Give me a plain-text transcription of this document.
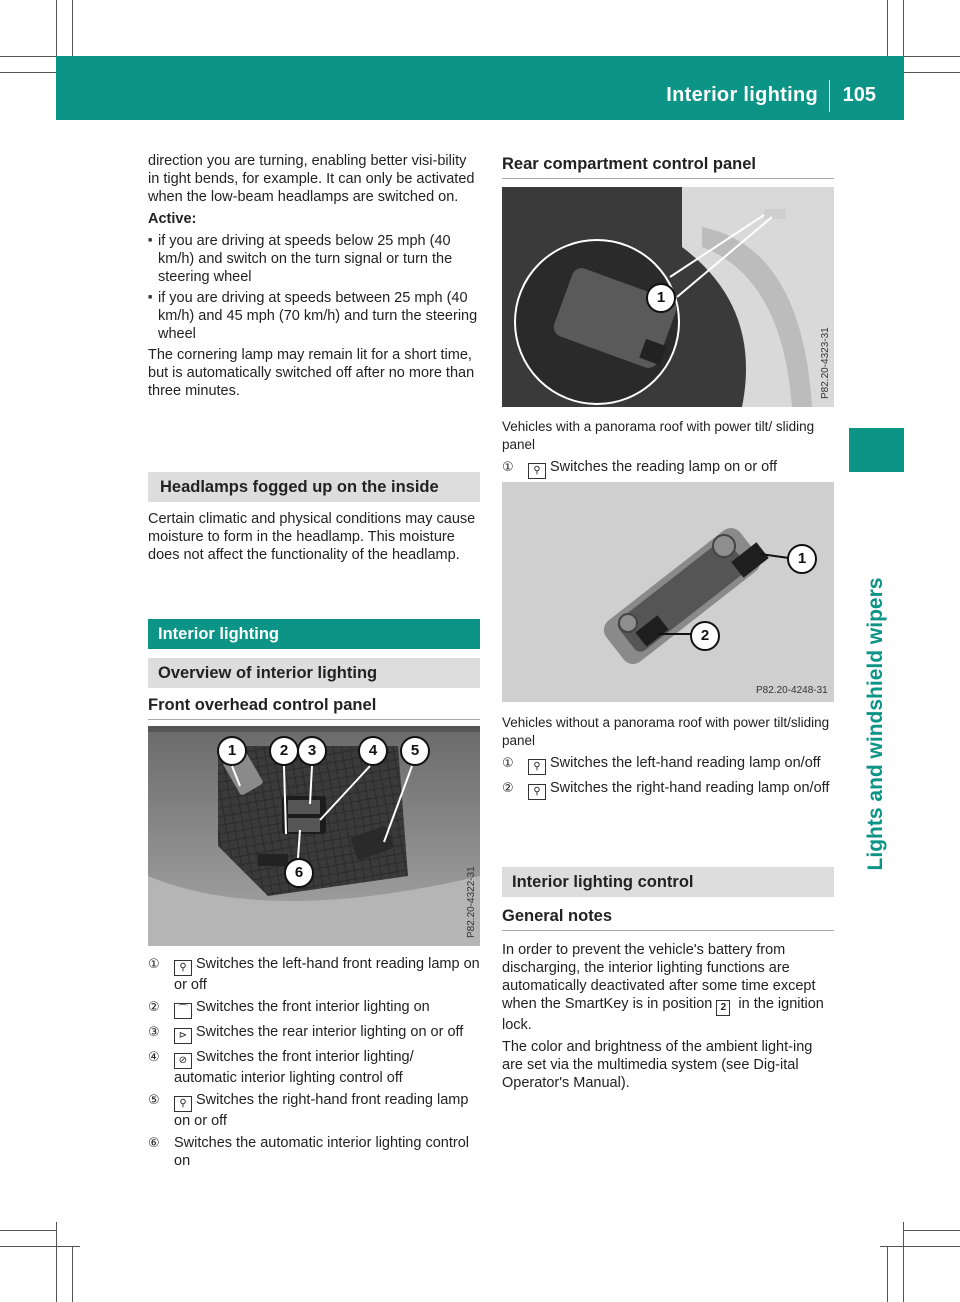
Interior lighting 105
Lights and windshield wipers

direction you are turning, enabling better visi-bility in tight bends, for example. It can only be activated when the low-beam headlamps are switched on.

Active:

■ if you are driving at speeds below 25 mph (40 km/h) and switch on the turn signal or turn the steering wheel
■ if you are driving at speeds between 25 mph (40 km/h) and 45 mph (70 km/h) and turn the steering wheel

The cornering lamp may remain lit for a short time, but is automatically switched off after no more than three minutes.

Headlamps fogged up on the inside

Certain climatic and physical conditions may cause moisture to form in the headlamp. This moisture does not affect the functionality of the headlamp.

Interior lighting
Overview of interior lighting
Front overhead control panel
1	2	3	4	5
6	P82.20-4322-31
① ⚲ Switches the left-hand front reading lamp on or off
② ⌒ Switches the front interior lighting on
③ ⊳ Switches the rear interior lighting on or off
④ ⊘ Switches the front interior lighting/ automatic interior lighting control off
⑤ ⚲ Switches the right-hand front reading lamp on or off
⑥ Switches the automatic interior lighting control on
Rear compartment control panel
1
P82.20-4323-31

Vehicles with a panorama roof with power tilt/ sliding panel

① ⚲ Switches the reading lamp on or off
1
2
P82.20-4248-31

Vehicles without a panorama roof with power tilt/sliding panel

① ⚲ Switches the left-hand reading lamp on/off
② ⚲ Switches the right-hand reading lamp on/off
Interior lighting control
General notes

In order to prevent the vehicle's battery from discharging, the interior lighting functions are automatically deactivated after some time except when the SmartKey is in position 2 in the ignition lock.

The color and brightness of the ambient light-ing are set via the multimedia system (see Dig-ital Operator's Manual).
